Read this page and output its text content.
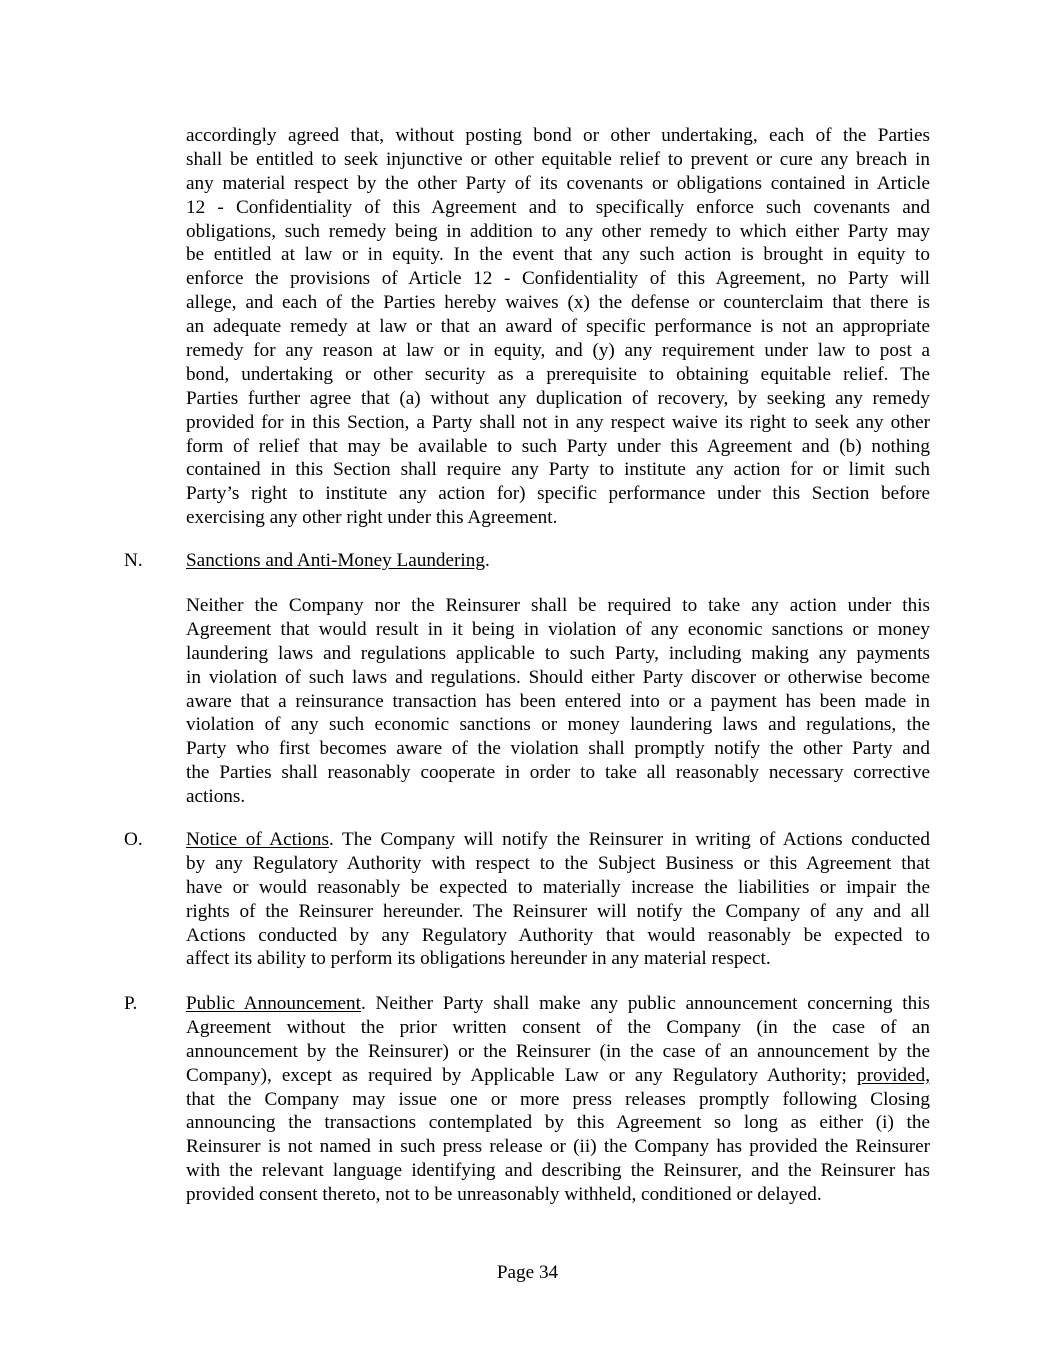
accordingly agreed that, without posting bond or other undertaking, each of the Parties
shall be entitled to seek injunctive or other equitable relief to prevent or cure any breach in
any material respect by the other Party of its covenants or obligations contained in Article
12 - Confidentiality of this Agreement and to specifically enforce such covenants and
obligations, such remedy being in addition to any other remedy to which either Party may
be entitled at law or in equity. In the event that any such action is brought in equity to
enforce the provisions of Article 12 - Confidentiality of this Agreement, no Party will
allege, and each of the Parties hereby waives (x) the defense or counterclaim that there is
an adequate remedy at law or that an award of specific performance is not an appropriate
remedy for any reason at law or in equity, and (y) any requirement under law to post a
bond, undertaking or other security as a prerequisite to obtaining equitable relief. The
Parties further agree that (a) without any duplication of recovery, by seeking any remedy
provided for in this Section, a Party shall not in any respect waive its right to seek any other
form of relief that may be available to such Party under this Agreement and (b) nothing
contained in this Section shall require any Party to institute any action for or limit such
Party’s right to institute any action for) specific performance under this Section before
exercising any other right under this Agreement.
N. Sanctions and Anti-Money Laundering.
Neither the Company nor the Reinsurer shall be required to take any action under this
Agreement that would result in it being in violation of any economic sanctions or money
laundering laws and regulations applicable to such Party, including making any payments
in violation of such laws and regulations. Should either Party discover or otherwise become
aware that a reinsurance transaction has been entered into or a payment has been made in
violation of any such economic sanctions or money laundering laws and regulations, the
Party who first becomes aware of the violation shall promptly notify the other Party and
the Parties shall reasonably cooperate in order to take all reasonably necessary corrective
actions.
O. Notice of Actions. The Company will notify the Reinsurer in writing of Actions conducted
by any Regulatory Authority with respect to the Subject Business or this Agreement that
have or would reasonably be expected to materially increase the liabilities or impair the
rights of the Reinsurer hereunder. The Reinsurer will notify the Company of any and all
Actions conducted by any Regulatory Authority that would reasonably be expected to
affect its ability to perform its obligations hereunder in any material respect.
P.	Public Announcement. Neither Party shall make any public announcement concerning this
Agreement without the prior written consent of the Company (in the case of an
announcement by the Reinsurer) or the Reinsurer (in the case of an announcement by the
Company), except as required by Applicable Law or any Regulatory Authority; provided,
that the Company may issue one or more press releases promptly following Closing
announcing the transactions contemplated by this Agreement so long as either (i) the
Reinsurer is not named in such press release or (ii) the Company has provided the Reinsurer
with the relevant language identifying and describing the Reinsurer, and the Reinsurer has
provided consent thereto, not to be unreasonably withheld, conditioned or delayed.
Page 34
